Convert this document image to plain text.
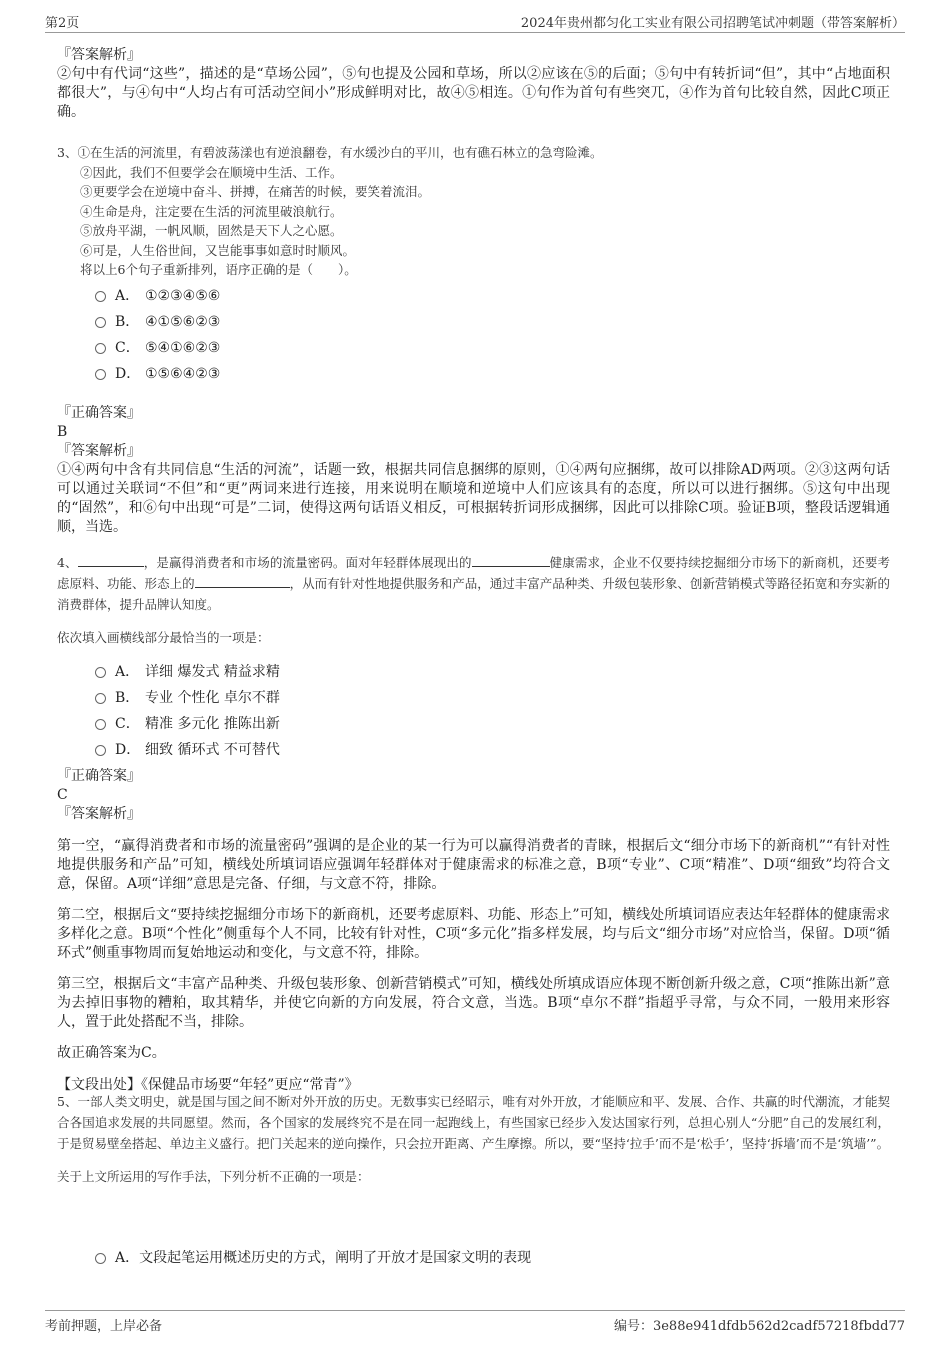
第2页	2024年贵州都匀化工实业有限公司招聘笔试冲刺题（带答案解析）
『答案解析』
②句中有代词“这些”，描述的是“草场公园”，⑤句也提及公园和草场，所以②应该在⑤的后面；⑤句中有转折词“但”，其中“占地面积都很大”，与④句中“人均占有可活动空间小”形成鲜明对比，故④⑤相连。①句作为首句有些突兀，④作为首句比较自然，因此C项正确。
3、①在生活的河流里，有碧波荡漾也有逆浪翻卷，有水缓沙白的平川，也有礁石林立的急弯险滩。
②因此，我们不但要学会在顺境中生活、工作。
③更要学会在逆境中奋斗、拼搏，在痛苦的时候，要笑着流泪。
④生命是舟，注定要在生活的河流里破浪航行。
⑤放舟平湖，一帆风顺，固然是天下人之心愿。
⑥可是，人生俗世间，又岂能事事如意时时顺风。
将以上6个句子重新排列，语序正确的是（　　）。
A． ①②③④⑤⑥
B． ④①⑤⑥②③
C． ⑤④①⑥②③
D． ①⑤⑥④②③
『正确答案』
B
『答案解析』
①④两句中含有共同信息“生活的河流”，话题一致，根据共同信息捆绑的原则，①④两句应捆绑，故可以排除AD两项。②③这两句话可以通过关联词“不但”和“更”两词来进行连接，用来说明在顺境和逆境中人们应该具有的态度，所以可以进行捆绑。⑤这句中出现的“固然”，和⑥句中出现“可是”二词，使得这两句话语义相反，可根据转折词形成捆绑，因此可以排除C项。验证B项，整段话逻辑通顺，当选。
4、	，是赢得消费者和市场的流量密码。面对年轻群体展现出的	健康需求，企业不仅要持续挖掘细分市场下的新商机，还要考虑原料、功能、形态上的	，从而有针对性地提供服务和产品，通过丰富产品种类、升级包装形象、创新营销模式等路径拓宽和夯实新的消费群体，提升品牌认知度。
依次填入画横线部分最恰当的一项是：
A． 详细 爆发式 精益求精
B． 专业 个性化 卓尔不群
C． 精准 多元化 推陈出新
D． 细致 循环式 不可替代
『正确答案』
C
『答案解析』
第一空，“赢得消费者和市场的流量密码”强调的是企业的某一行为可以赢得消费者的青睐，根据后文“细分市场下的新商机”“有针对性地提供服务和产品”可知，横线处所填词语应强调年轻群体对于健康需求的标准之意，B项“专业”、C项“精准”、D项“细致”均符合文意，保留。A项“详细”意思是完备、仔细，与文意不符，排除。
第二空，根据后文“要持续挖掘细分市场下的新商机，还要考虑原料、功能、形态上”可知，横线处所填词语应表达年轻群体的健康需求多样化之意。B项“个性化”侧重每个人不同，比较有针对性，C项“多元化”指多样发展，均与后文“细分市场”对应恰当，保留。D项“循环式”侧重事物周而复始地运动和变化，与文意不符，排除。
第三空，根据后文“丰富产品种类、升级包装形象、创新营销模式”可知，横线处所填成语应体现不断创新升级之意，C项“推陈出新”意为去掉旧事物的糟粕，取其精华，并使它向新的方向发展，符合文意，当选。B项“卓尔不群”指超乎寻常，与众不同，一般用来形容人，置于此处搭配不当，排除。
故正确答案为C。
【文段出处】《保健品市场要“年轻”更应“常青”》
5、一部人类文明史，就是国与国之间不断对外开放的历史。无数事实已经昭示，唯有对外开放，才能顺应和平、发展、合作、共赢的时代潮流，才能契合各国追求发展的共同愿望。然而，各个国家的发展终究不是在同一起跑线上，有些国家已经步入发达国家行列，总担心别人“分肥”自己的发展红利，于是贸易壁垒搭起、单边主义盛行。把门关起来的逆向操作，只会拉开距离、产生摩擦。所以，要“坚持‘拉手’而不是‘松手’，坚持‘拆墙’而不是‘筑墙’”。
关于上文所运用的写作手法，下列分析不正确的一项是：
A．文段起笔运用概述历史的方式，阐明了开放才是国家文明的表现
考前押题，上岸必备	编号：3e88e941dfdb562d2cadf57218fbdd77
